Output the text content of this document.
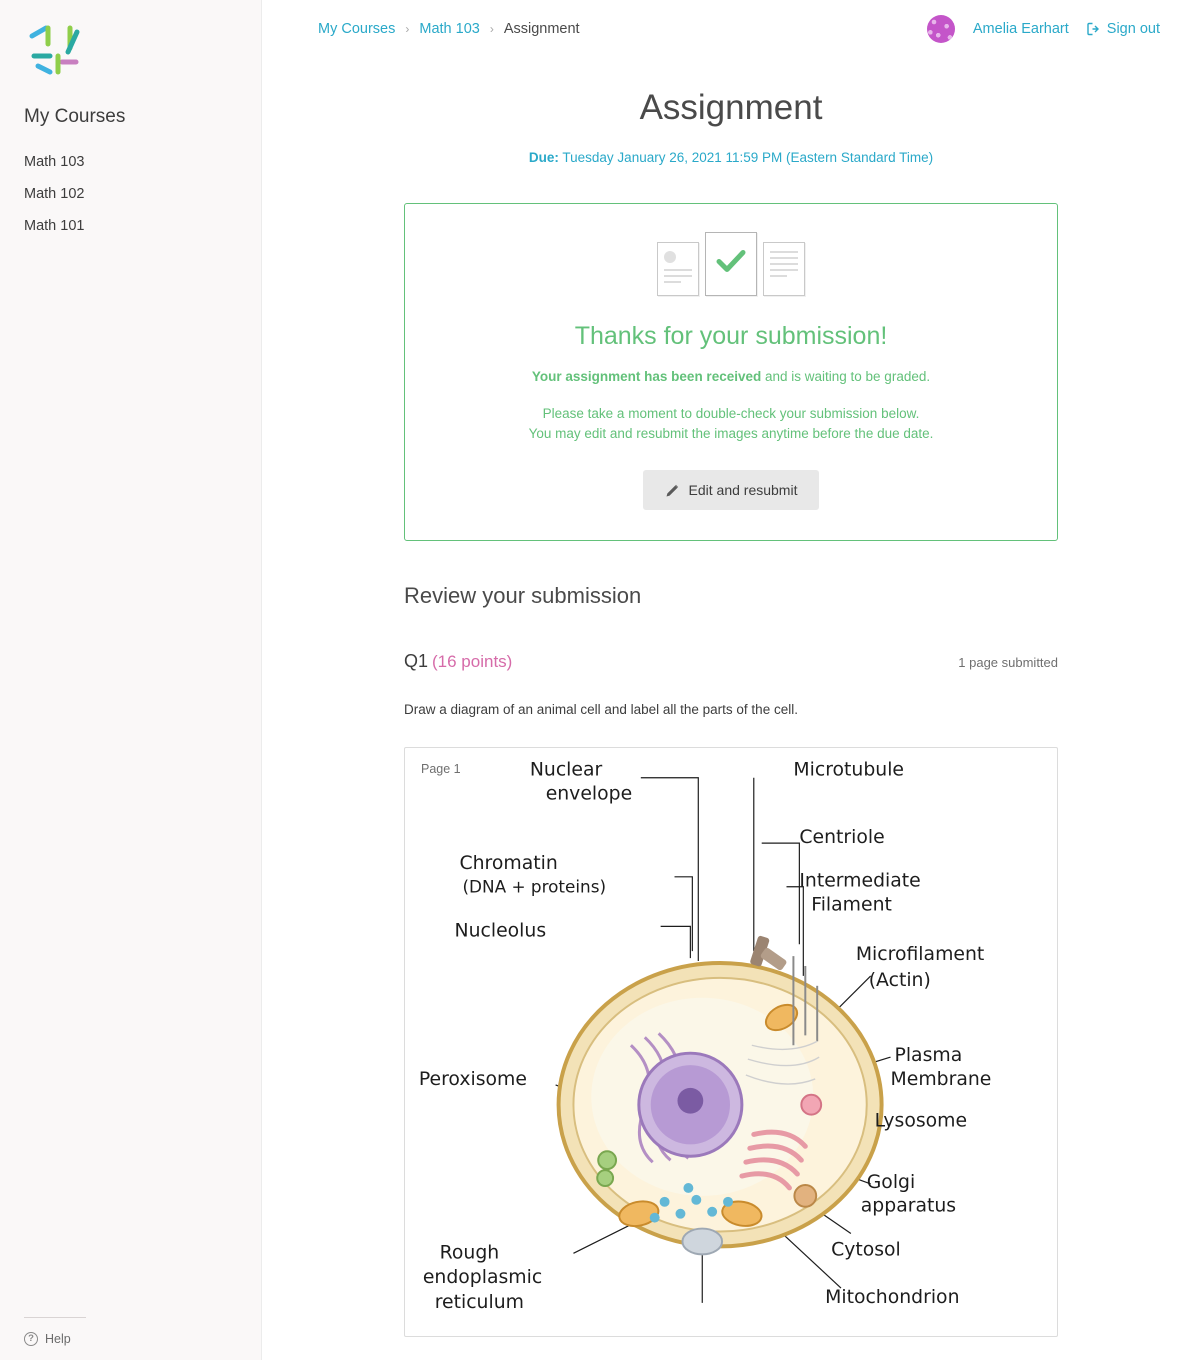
My Courses
Math 103
Math 102
Math 101
? Help
My Courses › Math 103 › Assignment	Amelia Earhart	Sign out
Assignment
Due: Tuesday January 26, 2021 11:59 PM (Eastern Standard Time)
Thanks for your submission!

Your assignment has been received and is waiting to be graded.

Please take a moment to double-check your submission below.
You may edit and resubmit the images anytime before the due date.

Edit and resubmit
Review your submission
Q1 (16 points)	1 page submitted
Draw a diagram of an animal cell and label all the parts of the cell.
Page 1	Nuclear
envelope
Chromatin
(DNA + proteins)
Nucleolus
Peroxisome
Rough
endoplasmic
reticulum
Microtubule
Centriole
Intermediate
Filament
Microfilament
(Actin)
Plasma
Membrane
Lysosome
Golgi
apparatus
Cytosol
Mitochondrion
